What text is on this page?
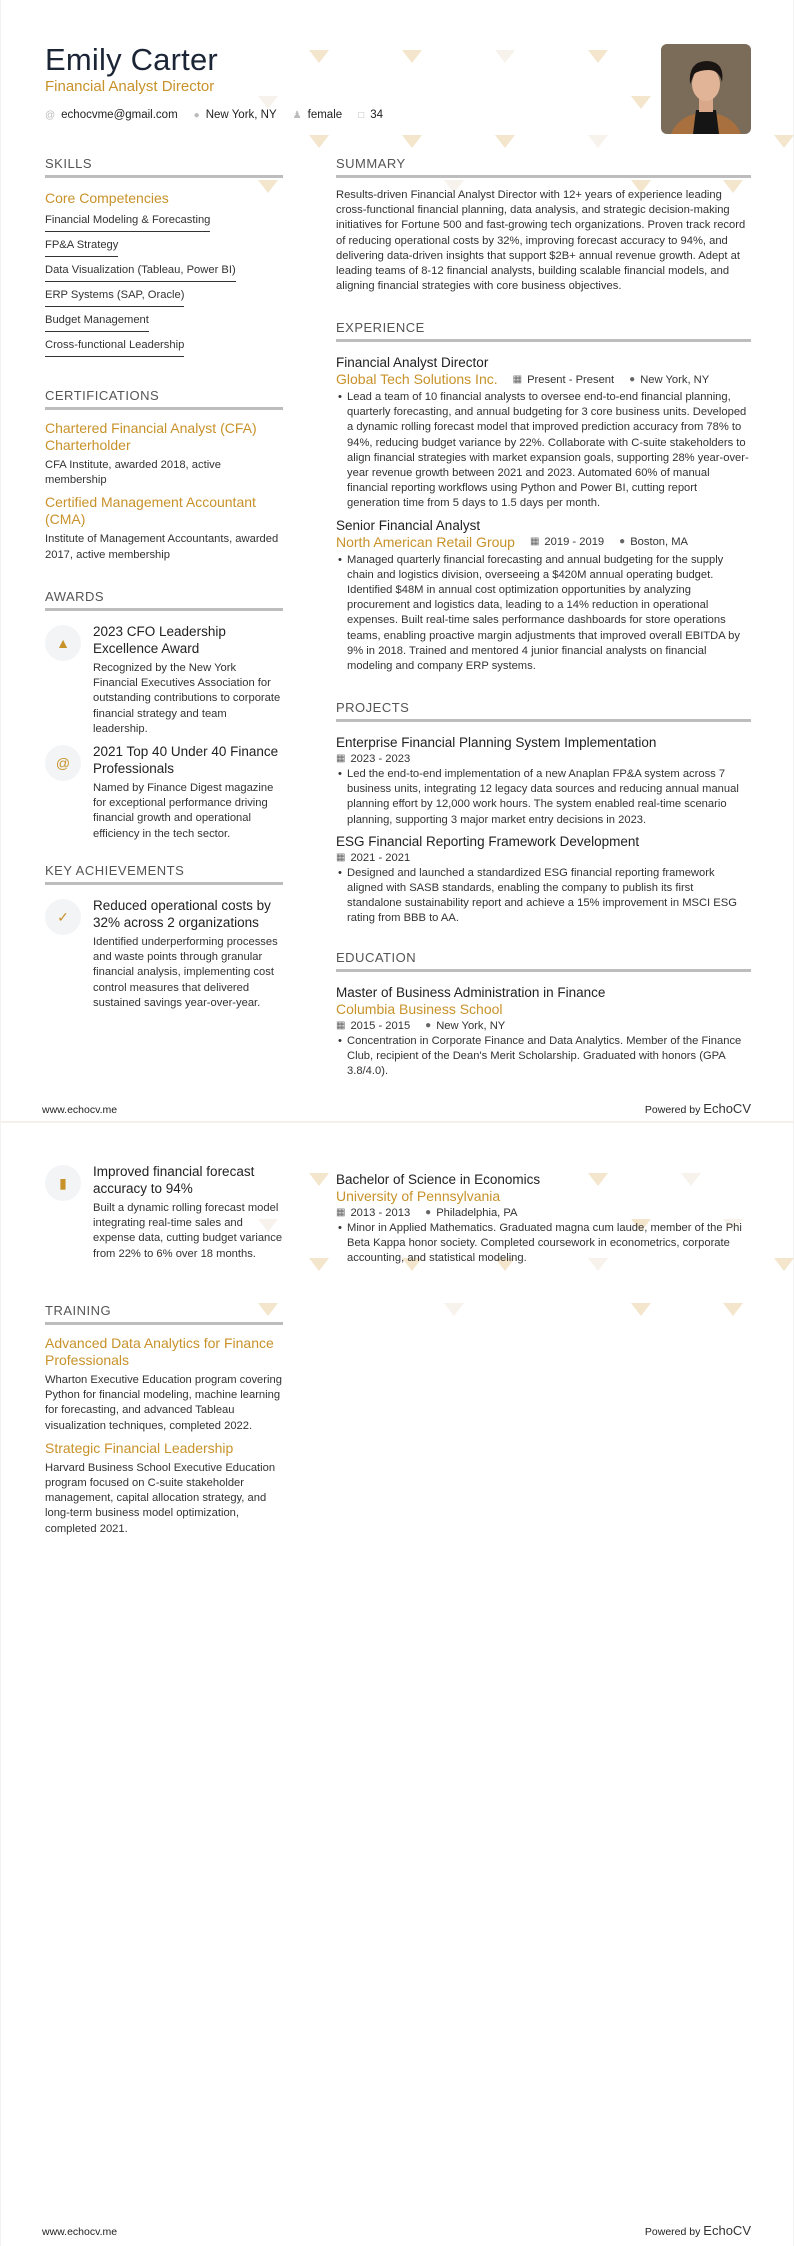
Emily Carter
Financial Analyst Director
@ echocvme@gmail.com ● New York, NY ♟ female □ 34
SKILLS
Core Competencies
Financial Modeling & Forecasting
FP&A Strategy
Data Visualization (Tableau, Power BI)
ERP Systems (SAP, Oracle)
Budget Management
Cross-functional Leadership
CERTIFICATIONS
Chartered Financial Analyst (CFA) Charterholder
CFA Institute, awarded 2018, active membership
Certified Management Accountant (CMA)
Institute of Management Accountants, awarded 2017, active membership
AWARDS
▲
2023 CFO Leadership Excellence Award
Recognized by the New York Financial Executives Association for outstanding contributions to corporate financial strategy and team leadership.
@
2021 Top 40 Under 40 Finance Professionals
Named by Finance Digest magazine for exceptional performance driving financial growth and operational efficiency in the tech sector.
KEY ACHIEVEMENTS
✓
Reduced operational costs by 32% across 2 organizations
Identified underperforming processes and waste points through granular financial analysis, implementing cost control measures that delivered sustained savings year-over-year.
SUMMARY
Results-driven Financial Analyst Director with 12+ years of experience leading cross-functional financial planning, data analysis, and strategic decision-making initiatives for Fortune 500 and fast-growing tech organizations. Proven track record of reducing operational costs by 32%, improving forecast accuracy to 94%, and delivering data-driven insights that support $2B+ annual revenue growth. Adept at leading teams of 8-12 financial analysts, building scalable financial models, and aligning financial strategies with core business objectives.
EXPERIENCE
Financial Analyst Director
Global Tech Solutions Inc. ▦ Present - Present ● New York, NY
• Lead a team of 10 financial analysts to oversee end-to-end financial planning, quarterly forecasting, and annual budgeting for 3 core business units. Developed a dynamic rolling forecast model that improved prediction accuracy from 78% to 94%, reducing budget variance by 22%. Collaborate with C-suite stakeholders to align financial strategies with market expansion goals, supporting 28% year-over-year revenue growth between 2021 and 2023. Automated 60% of manual financial reporting workflows using Python and Power BI, cutting report generation time from 5 days to 1.5 days per month.
Senior Financial Analyst
North American Retail Group ▦ 2019 - 2019 ● Boston, MA
• Managed quarterly financial forecasting and annual budgeting for the supply chain and logistics division, overseeing a $420M annual operating budget. Identified $48M in annual cost optimization opportunities by analyzing procurement and logistics data, leading to a 14% reduction in operational expenses. Built real-time sales performance dashboards for store operations teams, enabling proactive margin adjustments that improved overall EBITDA by 9% in 2018. Trained and mentored 4 junior financial analysts on financial modeling and company ERP systems.
PROJECTS
Enterprise Financial Planning System Implementation
▦ 2023 - 2023
• Led the end-to-end implementation of a new Anaplan FP&A system across 7 business units, integrating 12 legacy data sources and reducing annual manual planning effort by 12,000 work hours. The system enabled real-time scenario planning, supporting 3 major market entry decisions in 2023.
ESG Financial Reporting Framework Development
▦ 2021 - 2021
• Designed and launched a standardized ESG financial reporting framework aligned with SASB standards, enabling the company to publish its first standalone sustainability report and achieve a 15% improvement in MSCI ESG rating from BBB to AA.
EDUCATION
Master of Business Administration in Finance
Columbia Business School
▦ 2015 - 2015 ● New York, NY
• Concentration in Corporate Finance and Data Analytics. Member of the Finance Club, recipient of the Dean's Merit Scholarship. Graduated with honors (GPA 3.8/4.0).
www.echocv.me	Powered by EchoCV
▮
Improved financial forecast accuracy to 94%
Built a dynamic rolling forecast model integrating real-time sales and expense data, cutting budget variance from 22% to 6% over 18 months.
TRAINING
Advanced Data Analytics for Finance Professionals
Wharton Executive Education program covering Python for financial modeling, machine learning for forecasting, and advanced Tableau visualization techniques, completed 2022.
Strategic Financial Leadership
Harvard Business School Executive Education program focused on C-suite stakeholder management, capital allocation strategy, and long-term business model optimization, completed 2021.
Bachelor of Science in Economics
University of Pennsylvania
▦ 2013 - 2013 ● Philadelphia, PA
• Minor in Applied Mathematics. Graduated magna cum laude, member of the Phi Beta Kappa honor society. Completed coursework in econometrics, corporate accounting, and statistical modeling.
www.echocv.me	Powered by EchoCV
